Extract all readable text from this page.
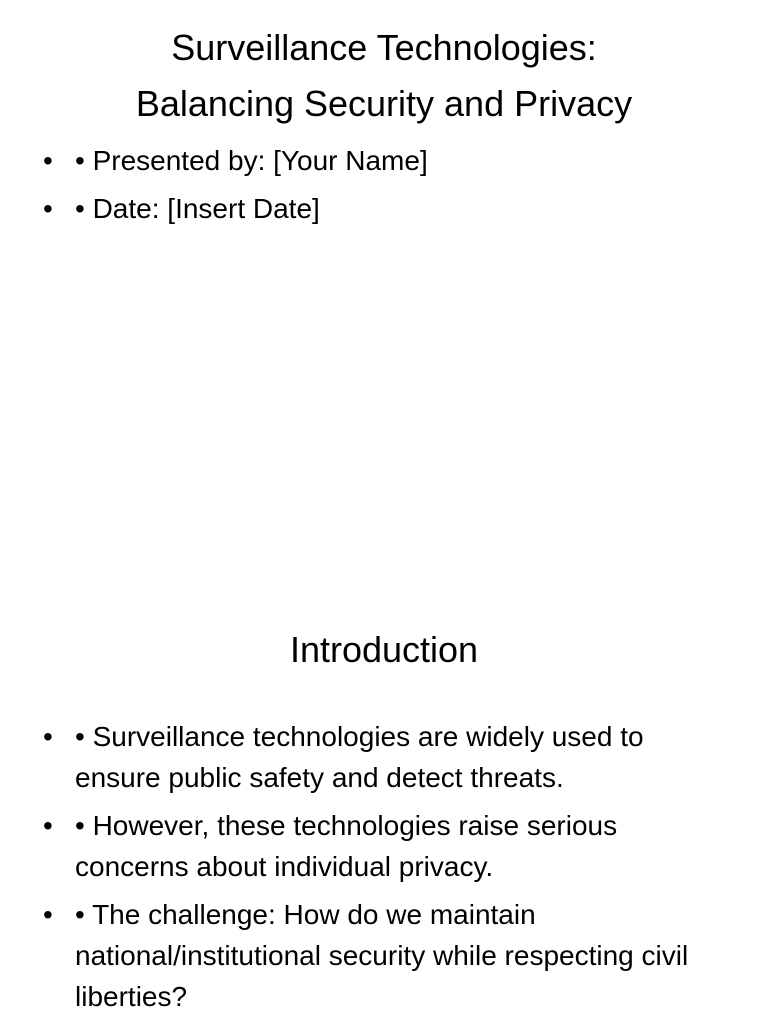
Surveillance Technologies:
Balancing Security and Privacy
• • Presented by: [Your Name]
• • Date: [Insert Date]
Introduction
• • Surveillance technologies are widely used to ensure public safety and detect threats.
• • However, these technologies raise serious concerns about individual privacy.
• • The challenge: How do we maintain national/institutional security while respecting civil liberties?
